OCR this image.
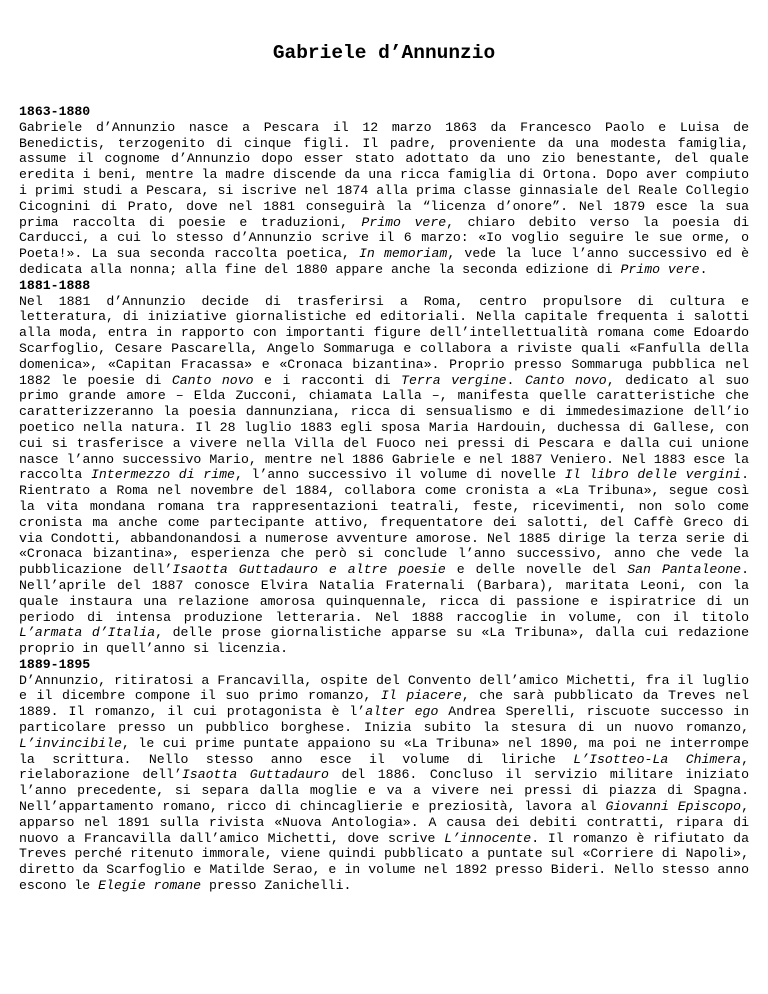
Gabriele d’Annunzio
1863-1880

Gabriele d’Annunzio nasce a Pescara il 12 marzo 1863 da Francesco Paolo e Luisa de Benedictis, terzogenito di cinque figli. Il padre, proveniente da una modesta famiglia, assume il cognome d’Annunzio dopo esser stato adottato da uno zio benestante, del quale eredita i beni, mentre la madre discende da una ricca famiglia di Ortona. Dopo aver compiuto i primi studi a Pescara, si iscrive nel 1874 alla prima classe ginnasiale del Reale Collegio Cicognini di Prato, dove nel 1881 conseguirà la “licenza d’onore”. Nel 1879 esce la sua prima raccolta di poesie e traduzioni, Primo vere, chiaro debito verso la poesia di Carducci, a cui lo stesso d’Annunzio scrive il 6 marzo: «Io voglio seguire le sue orme, o Poeta!». La sua seconda raccolta poetica, In memoriam, vede la luce l’anno successivo ed è dedicata alla nonna; alla fine del 1880 appare anche la seconda edizione di Primo vere.

1881-1888

Nel 1881 d’Annunzio decide di trasferirsi a Roma, centro propulsore di cultura e letteratura, di iniziative giornalistiche ed editoriali. Nella capitale frequenta i salotti alla moda, entra in rapporto con importanti figure dell’intellettualità romana come Edoardo Scarfoglio, Cesare Pascarella, Angelo Sommaruga e collabora a riviste quali «Fanfulla della domenica», «Capitan Fracassa» e «Cronaca bizantina». Proprio presso Sommaruga pubblica nel 1882 le poesie di Canto novo e i racconti di Terra vergine. Canto novo, dedicato al suo primo grande amore – Elda Zucconi, chiamata Lalla –, manifesta quelle caratteristiche che caratterizzeranno la poesia dannunziana, ricca di sensualismo e di immedesimazione dell’io poetico nella natura. Il 28 luglio 1883 egli sposa Maria Hardouin, duchessa di Gallese, con cui si trasferisce a vivere nella Villa del Fuoco nei pressi di Pescara e dalla cui unione nasce l’anno successivo Mario, mentre nel 1886 Gabriele e nel 1887 Veniero. Nel 1883 esce la raccolta Intermezzo di rime, l’anno successivo il volume di novelle Il libro delle vergini. Rientrato a Roma nel novembre del 1884, collabora come cronista a «La Tribuna», segue così la vita mondana romana tra rappresentazioni teatrali, feste, ricevimenti, non solo come cronista ma anche come partecipante attivo, frequentatore dei salotti, del Caffè Greco di via Condotti, abbandonandosi a numerose avventure amorose. Nel 1885 dirige la terza serie di «Cronaca bizantina», esperienza che però si conclude l’anno successivo, anno che vede la pubblicazione dell’Isaotta Guttadauro e altre poesie e delle novelle del San Pantaleone. Nell’aprile del 1887 conosce Elvira Natalia Fraternali (Barbara), maritata Leoni, con la quale instaura una relazione amorosa quinquennale, ricca di passione e ispiratrice di un periodo di intensa produzione letteraria. Nel 1888 raccoglie in volume, con il titolo L’armata d’Italia, delle prose giornalistiche apparse su «La Tribuna», dalla cui redazione proprio in quell’anno si licenzia.

1889-1895

D’Annunzio, ritiratosi a Francavilla, ospite del Convento dell’amico Michetti, fra il luglio e il dicembre compone il suo primo romanzo, Il piacere, che sarà pubblicato da Treves nel 1889. Il romanzo, il cui protagonista è l’alter ego Andrea Sperelli, riscuote successo in particolare presso un pubblico borghese. Inizia subito la stesura di un nuovo romanzo, L’invincibile, le cui prime puntate appaiono su «La Tribuna» nel 1890, ma poi ne interrompe la scrittura. Nello stesso anno esce il volume di liriche L’Isotteo-La Chimera, rielaborazione dell’Isaotta Guttadauro del 1886. Concluso il servizio militare iniziato l’anno precedente, si separa dalla moglie e va a vivere nei pressi di piazza di Spagna. Nell’appartamento romano, ricco di chincaglierie e preziosità, lavora al Giovanni Episcopo, apparso nel 1891 sulla rivista «Nuova Antologia». A causa dei debiti contratti, ripara di nuovo a Francavilla dall’amico Michetti, dove scrive L’innocente. Il romanzo è rifiutato da Treves perché ritenuto immorale, viene quindi pubblicato a puntate sul «Corriere di Napoli», diretto da Scarfoglio e Matilde Serao, e in volume nel 1892 presso Bideri. Nello stesso anno escono le Elegie romane presso Zanichelli.
